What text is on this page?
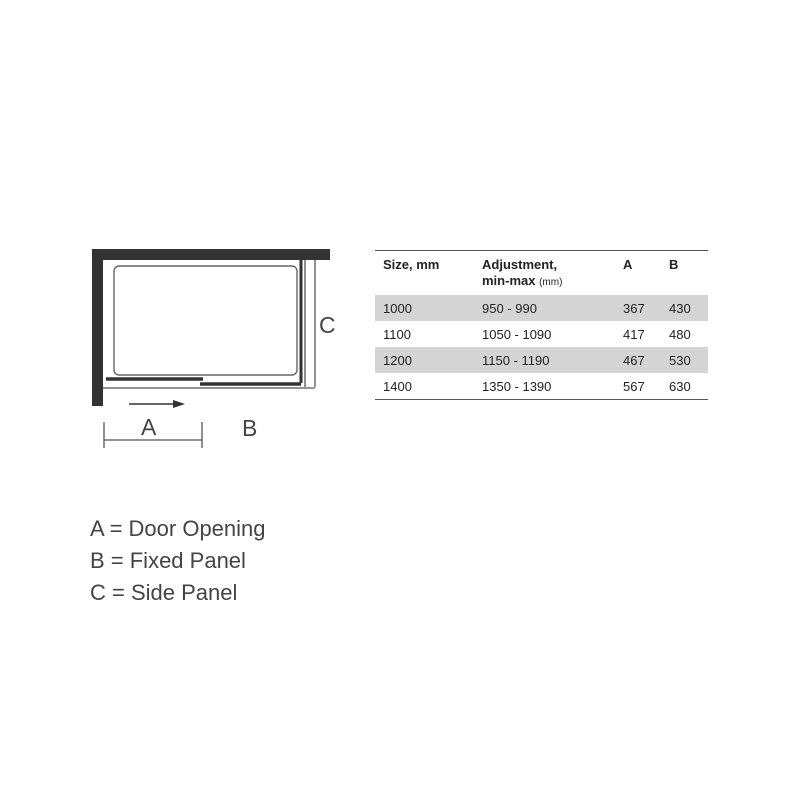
A	B
C
Size, mm	Adjustment,
min-max (mm)
A	B
1000	950 - 990	367 430
1100	1050 - 1090	417 480
1200	1150 - 1190	467 530
1400	1350 - 1390	567 630
A = Door Opening
B = Fixed Panel
C = Side Panel
